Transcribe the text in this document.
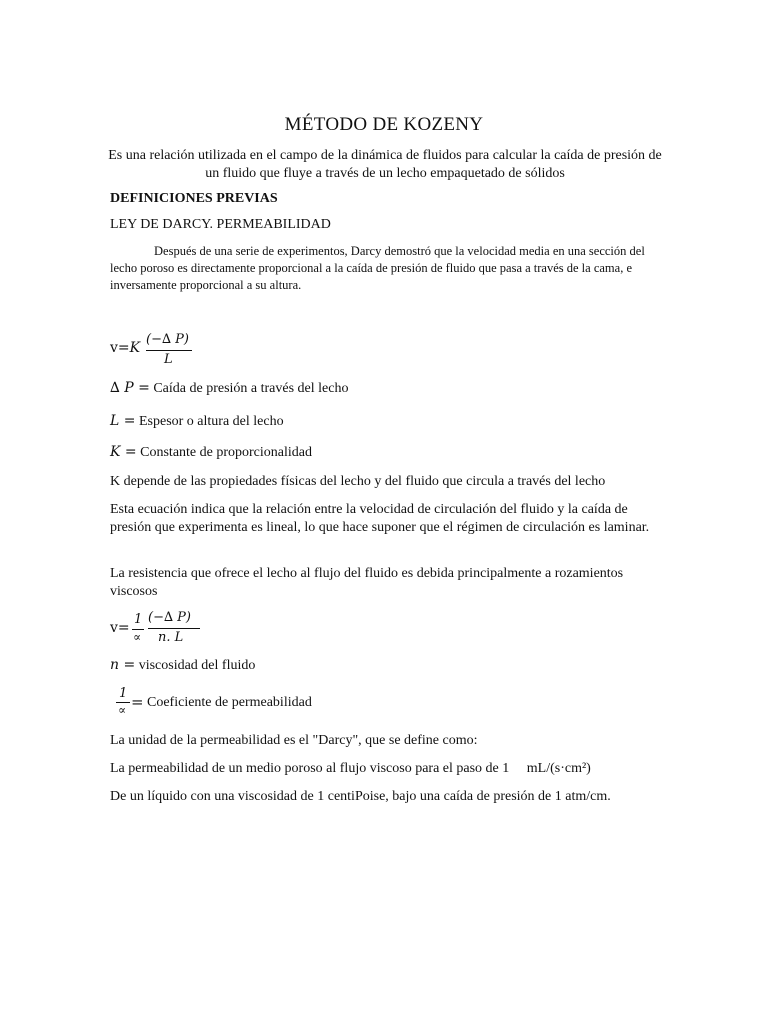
MÉTODO DE KOZENY
Es una relación utilizada en el campo de la dinámica de fluidos para calcular la caída de presión de un fluido que fluye a través de un lecho empaquetado de sólidos
DEFINICIONES PREVIAS
LEY DE DARCY. PERMEABILIDAD
Después de una serie de experimentos, Darcy demostró que la velocidad media en una sección del lecho poroso es directamente proporcional a la caída de presión de fluido que pasa a través de la cama, e inversamente proporcional a su altura.
v=K
(−∆ P)
L
∆ P = Caída de presión a través del lecho
L = Espesor o altura del lecho
K = Constante de proporcionalidad
K depende de las propiedades físicas del lecho y del fluido que circula a través del lecho
Esta ecuación indica que la relación entre la velocidad de circulación del fluido y la caída de presión que experimenta es lineal, lo que hace suponer que el régimen de circulación es laminar.
La resistencia que ofrece el lecho al flujo del fluido es debida principalmente a rozamientos viscosos
v=
1
∝
(−∆ P)
n. L
n = viscosidad del fluido
1
∝ = Coeficiente de permeabilidad
La unidad de la permeabilidad es el "Darcy", que se define como:
La permeabilidad de un medio poroso al flujo viscoso para el paso de 1     mL/(s·cm²)
De un líquido con una viscosidad de 1 centiPoise, bajo una caída de presión de 1 atm/cm.
